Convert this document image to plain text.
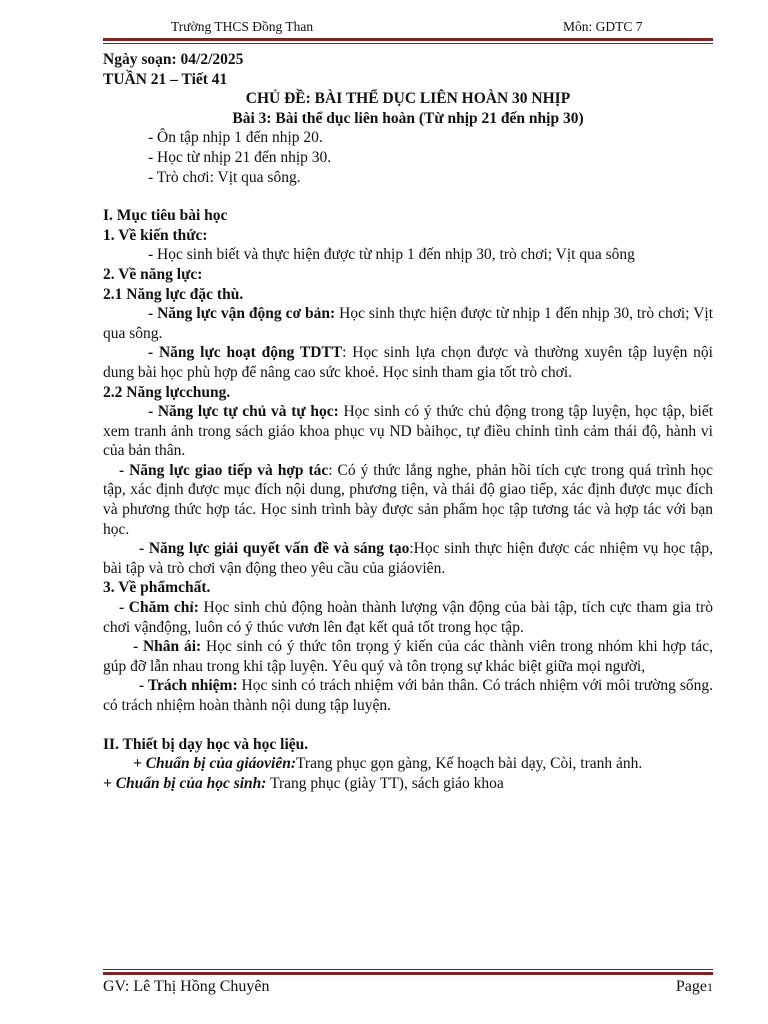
Trường THCS Đồng Than	Môn: GDTC 7

Ngày soạn: 04/2/2025

TUẦN 21 – Tiết 41

CHỦ ĐỀ: BÀI THỂ DỤC LIÊN HOÀN 30 NHỊP

Bài 3: Bài thể dục liên hoàn (Từ nhịp 21 đến nhịp 30)

- Ôn tập nhịp 1 đến nhịp 20.

- Học từ nhịp 21 đến nhịp 30.

- Trò chơi: Vịt qua sông.

I. Mục tiêu bài học

1. Về kiến thức:

- Học sinh biết và thực hiện được từ nhịp 1 đến nhịp 30, trò chơi; Vịt qua sông

2. Về năng lực:

2.1 Năng lực đặc thù.

- Năng lực vận động cơ bản: Học sinh thực hiện được từ nhịp 1 đến nhịp 30, trò chơi; Vịt qua sông.

- Năng lực hoạt động TDTT: Học sinh lựa chọn được và thường xuyên tập luyện nội dung bài học phù hợp để nâng cao sức khoẻ. Học sinh tham gia tốt trò chơi.

2.2 Năng lựcchung.

- Năng lực tự chủ và tự học: Học sinh có ý thức chủ động trong tập luyện, học tập, biết xem tranh ảnh trong sách giáo khoa phục vụ ND bàihọc, tự điều chỉnh tình cảm thái độ, hành vi của bản thân.

- Năng lực giao tiếp và hợp tác: Có ý thức lắng nghe, phản hồi tích cực trong quá trình học tập, xác định được mục đích nội dung, phương tiện, và thái độ giao tiếp, xác định được mục đích và phương thức hợp tác. Học sinh trình bày được sản phẩm học tập tương tác và hợp tác với bạn học.

- Năng lực giải quyết vấn đề và sáng tạo:Học sinh thực hiện được các nhiệm vụ học tập, bài tập và trò chơi vận động theo yêu cầu của giáoviên.

3. Về phẩmchất.

- Chăm chỉ: Học sinh chủ động hoàn thành lượng vận động của bài tập, tích cực tham gia trò chơi vậnđộng, luôn có ý thúc vươn lên đạt kết quả tốt trong học tập.

- Nhân ái: Học sinh có ý thức tôn trọng ý kiến của các thành viên trong nhóm khi hợp tác, gúp đỡ lẫn nhau trong khi tập luyện. Yêu quý và tôn trọng sự khác biệt giữa mọi người,

- Trách nhiệm: Học sinh có trách nhiệm với bản thân. Có trách nhiệm với môi trường sống. có trách nhiệm hoàn thành nội dung tập luyện.

II. Thiết bị dạy học và học liệu.

+ Chuẩn bị của giáoviên:Trang phục gọn gàng, Kế hoạch bài dạy, Còi, tranh ảnh.

+ Chuẩn bị của học sinh: Trang phục (giày TT), sách giáo khoa

GV: Lê Thị Hồng Chuyên	Page1
